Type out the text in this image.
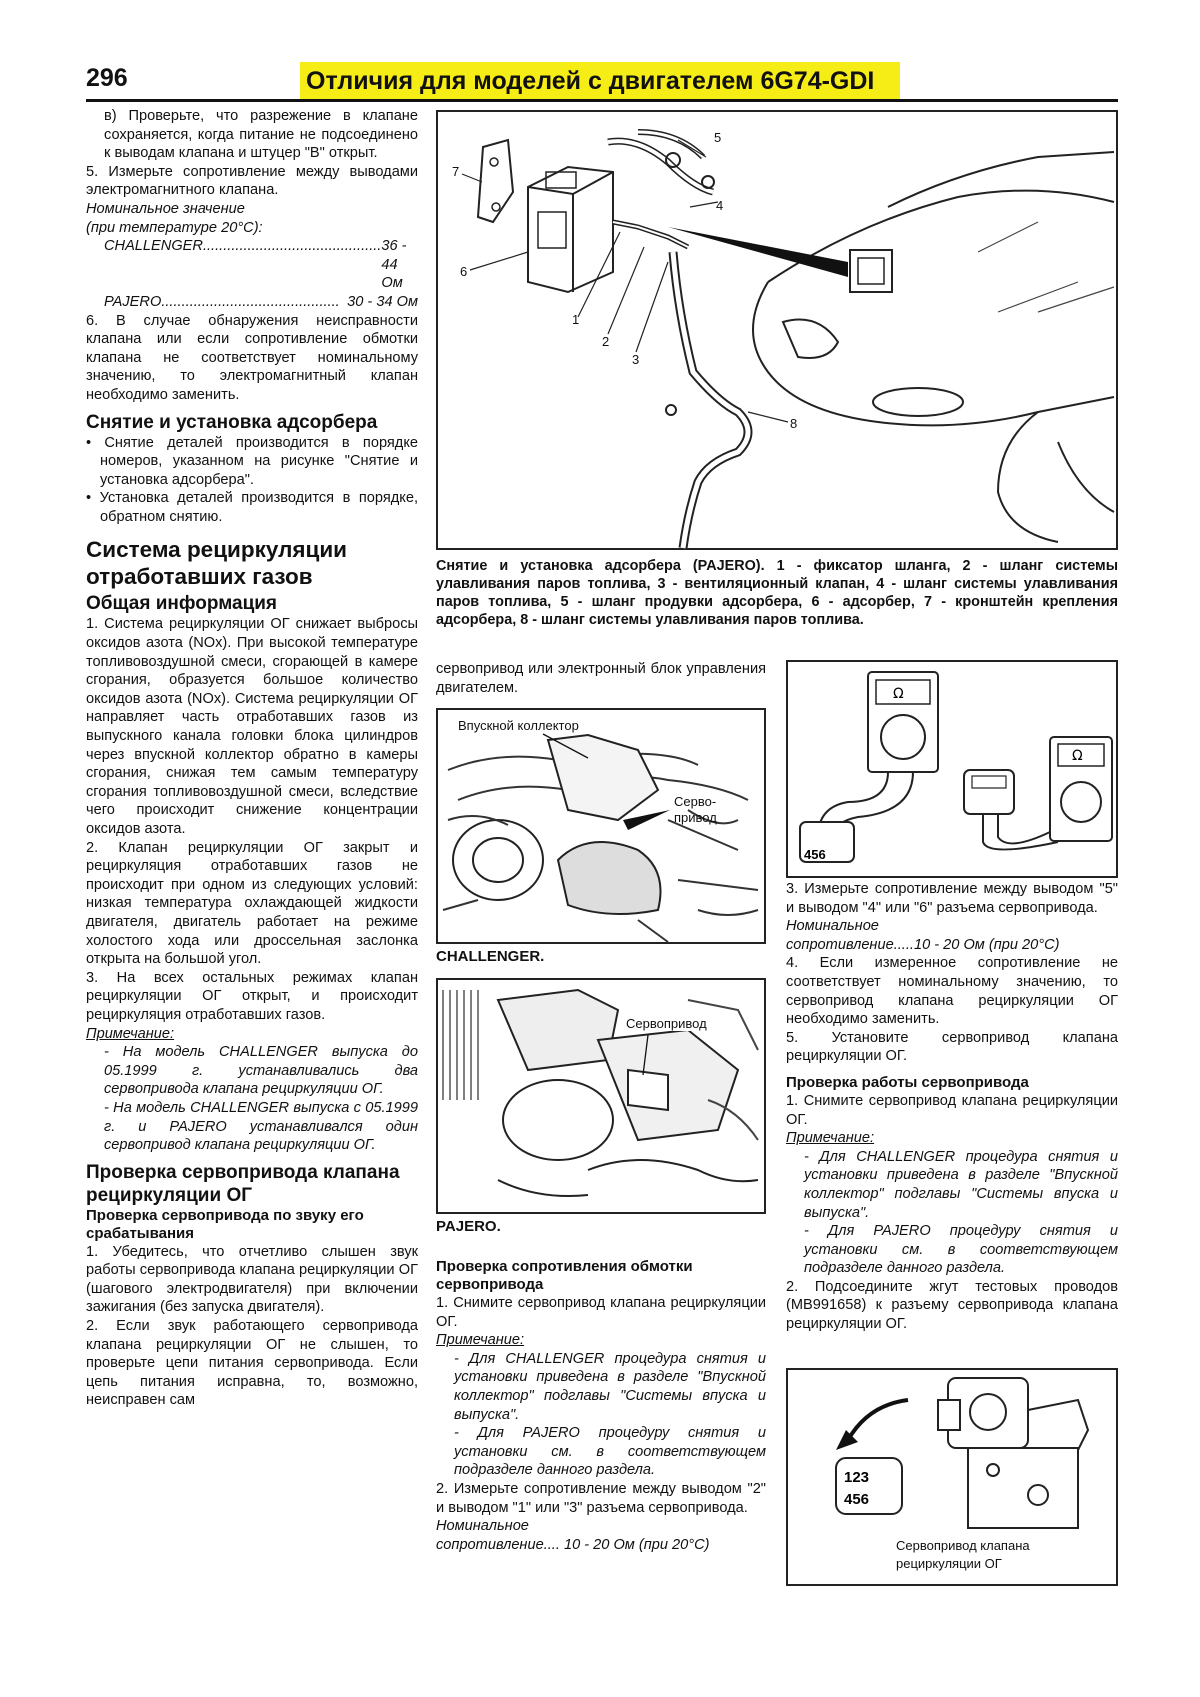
296	Отличия для моделей с двигателем 6G74-GDI

в) Проверьте, что разрежение в клапане сохраняется, когда питание не подсоединено к выводам клапана и штуцер "В" открыт.

5. Измерьте сопротивление между выводами электромагнитного клапана.

Номинальное значение

(при температуре 20°С):

CHALLENGER ............................................ 36 - 44 Ом
PAJERO ............................................ 30 - 34 Ом

6. В случае обнаружения неисправности клапана или если сопротивление обмотки клапана не соответствует номинальному значению, то электромагнитный клапан необходимо заменить.

Снятие и установка адсорбера

• Снятие деталей производится в порядке номеров, указанном на рисунке "Снятие и установка адсорбера".

• Установка деталей производится в порядке, обратном снятию.

Система рециркуляции отработавших газов
Общая информация

1. Система рециркуляции ОГ снижает выбросы оксидов азота (NOx). При высокой температуре топливовоздушной смеси, сгорающей в камере сгорания, образуется большое количество оксидов азота (NOx). Система рециркуляции ОГ направляет часть отработавших газов из выпускного канала головки блока цилиндров через впускной коллектор обратно в камеры сгорания, снижая тем самым температуру сгорания топливовоздушной смеси, вследствие чего происходит снижение концентрации оксидов азота.

2. Клапан рециркуляции ОГ закрыт и рециркуляция отработавших газов не происходит при одном из следующих условий: низкая температура охлаждающей жидкости двигателя, двигатель работает на режиме холостого хода или дроссельная заслонка открыта на большой угол.

3. На всех остальных режимах клапан рециркуляции ОГ открыт, и происходит рециркуляция отработавших газов.

Примечание:

- На модель CHALLENGER выпуска до 05.1999 г. устанавливались два сервопривода клапана рециркуляции ОГ.

- На модель CHALLENGER выпуска с 05.1999 г. и PAJERO устанавливался один сервопривод клапана рециркуляции ОГ.

Проверка сервопривода клапана рециркуляции ОГ
Проверка сервопривода по звуку его срабатывания

1. Убедитесь, что отчетливо слышен звук работы сервопривода клапана рециркуляции ОГ (шагового электродвигателя) при включении зажигания (без запуска двигателя).

2. Если звук работающего сервопривода клапана рециркуляции ОГ не слышен, то проверьте цепи питания сервопривода. Если цепь питания исправна, то, возможно, неисправен сам

1
2
3
4
5
6
7
8
Снятие и установка адсорбера (PAJERO). 1 - фиксатор шланга, 2 - шланг системы улавливания паров топлива, 3 - вентиляционный клапан, 4 - шланг системы улавливания паров топлива, 5 - шланг продувки адсорбера, 6 - адсорбер, 7 - кронштейн крепления адсорбера, 8 - шланг системы улавливания паров топлива.

сервопривод или электронный блок управления двигателем.

Впускной коллектор
Серво-
привод
CHALLENGER.
Сервопривод
PAJERO.
Проверка сопротивления обмотки сервопривода

1. Снимите сервопривод клапана рециркуляции ОГ.

Примечание:

- Для CHALLENGER процедура снятия и установки приведена в разделе "Впускной коллектор" подглавы "Системы впуска и выпуска".

- Для PAJERO процедуру снятия и установки см. в соответствующем подразделе данного раздела.

2. Измерьте сопротивление между выводом "2" и выводом "1" или "3" разъема сервопривода.

Номинальное

сопротивление.... 10 - 20 Ом (при 20°С)

Ω
Ω
456

3. Измерьте сопротивление между выводом "5" и выводом "4" или "6" разъема сервопривода.

Номинальное

сопротивление.....10 - 20 Ом (при 20°С)

4. Если измеренное сопротивление не соответствует номинальному значению, то сервопривод клапана рециркуляции ОГ необходимо заменить.

5. Установите сервопривод клапана рециркуляции ОГ.

Проверка работы сервопривода

1. Снимите сервопривод клапана рециркуляции ОГ.

Примечание:

- Для CHALLENGER процедура снятия и установки приведена в разделе "Впускной коллектор" подглавы "Системы впуска и выпуска".

- Для PAJERO процедуру снятия и установки см. в соответствующем подразделе данного раздела.

2. Подсоедините жгут тестовых проводов (MB991658) к разъему сервопривода клапана рециркуляции ОГ.

123
456
Сервопривод клапана
рециркуляции ОГ
